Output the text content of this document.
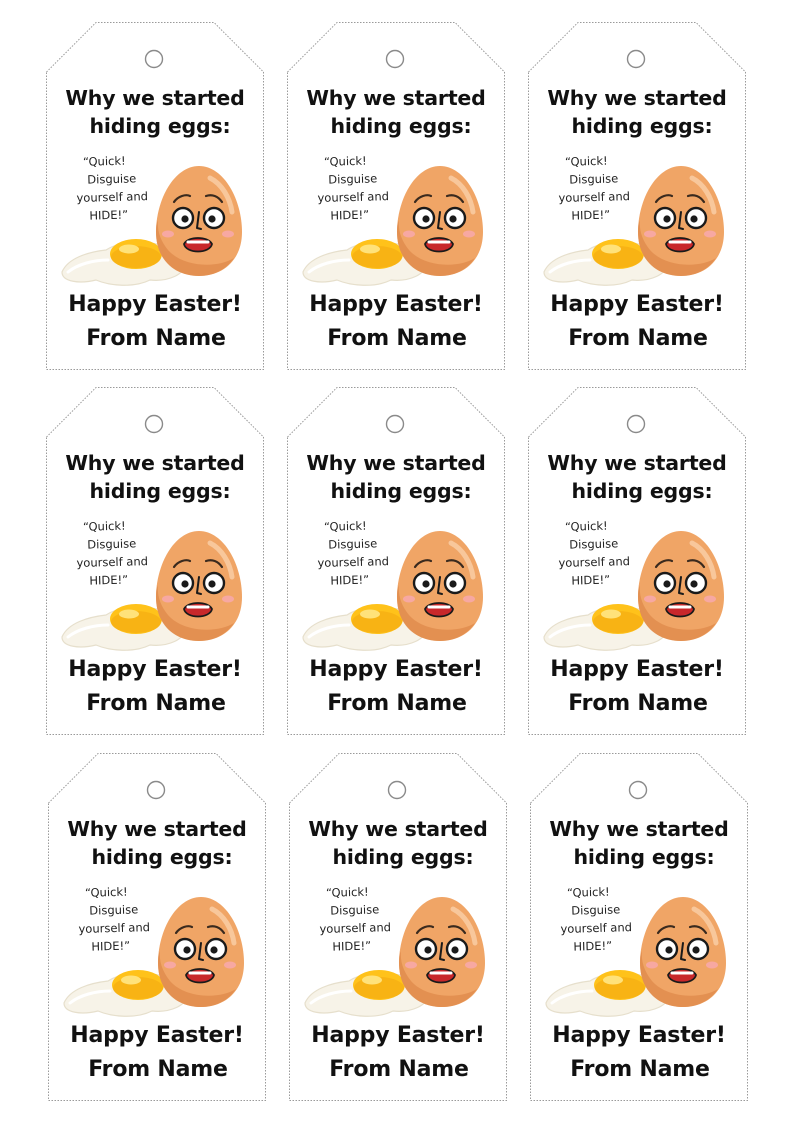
Why we started
hiding eggs:
“Quick!
Disguise
yourself and
HIDE!”
Happy Easter!
From Name
Why we started
hiding eggs:
“Quick!
Disguise
yourself and
HIDE!”
Happy Easter!
From Name
Why we started
hiding eggs:
“Quick!
Disguise
yourself and
HIDE!”
Happy Easter!
From Name
Why we started
hiding eggs:
“Quick!
Disguise
yourself and
HIDE!”
Happy Easter!
From Name
Why we started
hiding eggs:
“Quick!
Disguise
yourself and
HIDE!”
Happy Easter!
From Name
Why we started
hiding eggs:
“Quick!
Disguise
yourself and
HIDE!”
Happy Easter!
From Name
Why we started
hiding eggs:
“Quick!
Disguise
yourself and
HIDE!”
Happy Easter!
From Name
Why we started
hiding eggs:
“Quick!
Disguise
yourself and
HIDE!”
Happy Easter!
From Name
Why we started
hiding eggs:
“Quick!
Disguise
yourself and
HIDE!”
Happy Easter!
From Name
